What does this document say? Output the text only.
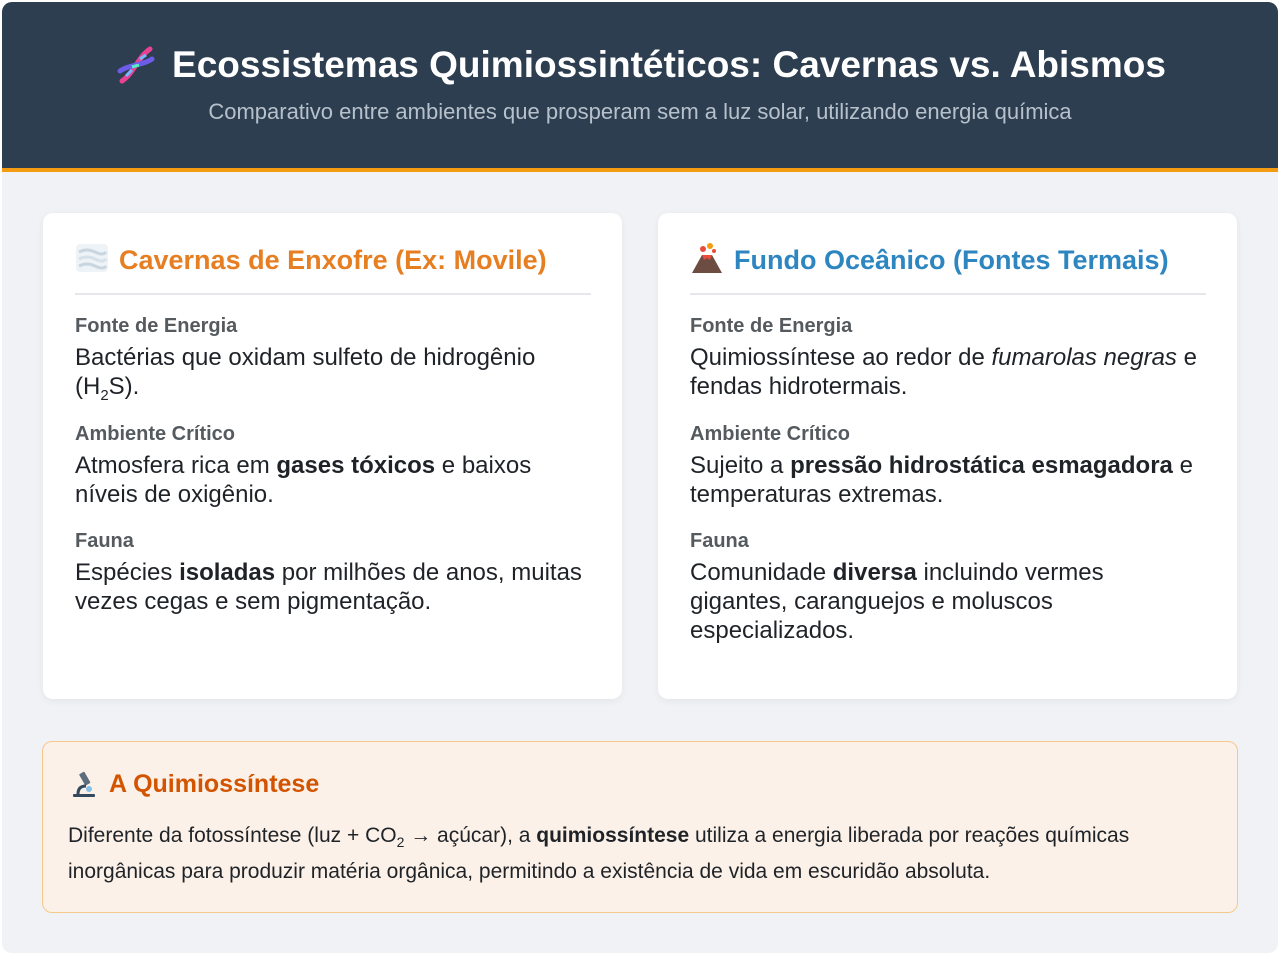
Ecossistemas Quimiossintéticos: Cavernas vs. Abismos
Comparativo entre ambientes que prosperam sem a luz solar, utilizando energia química
Cavernas de Enxofre (Ex: Movile)
Fonte de Energia
Bactérias que oxidam sulfeto de hidrogênio $(H_2S)$.
Ambiente Crítico
Atmosfera rica em gases tóxicos e baixos níveis de oxigênio.
Fauna
Espécies isoladas por milhões de anos, muitas vezes cegas e sem pigmentação.
Fundo Oceânico (Fontes Termais)
Fonte de Energia
Quimiossíntese ao redor de fumarolas negras e fendas hidrotermais.
Ambiente Crítico
Sujeito a pressão hidrostática esmagadora e temperaturas extremas.
Fauna
Comunidade diversa incluindo vermes gigantes, caranguejos e moluscos especializados.
A Quimiossíntese
Diferente da fotossíntese ($luz + CO_2$ → açúcar), a quimiossíntese utiliza a energia liberada por reações químicas inorgânicas para produzir matéria orgânica, permitindo a existência de vida em escuridão absoluta.
